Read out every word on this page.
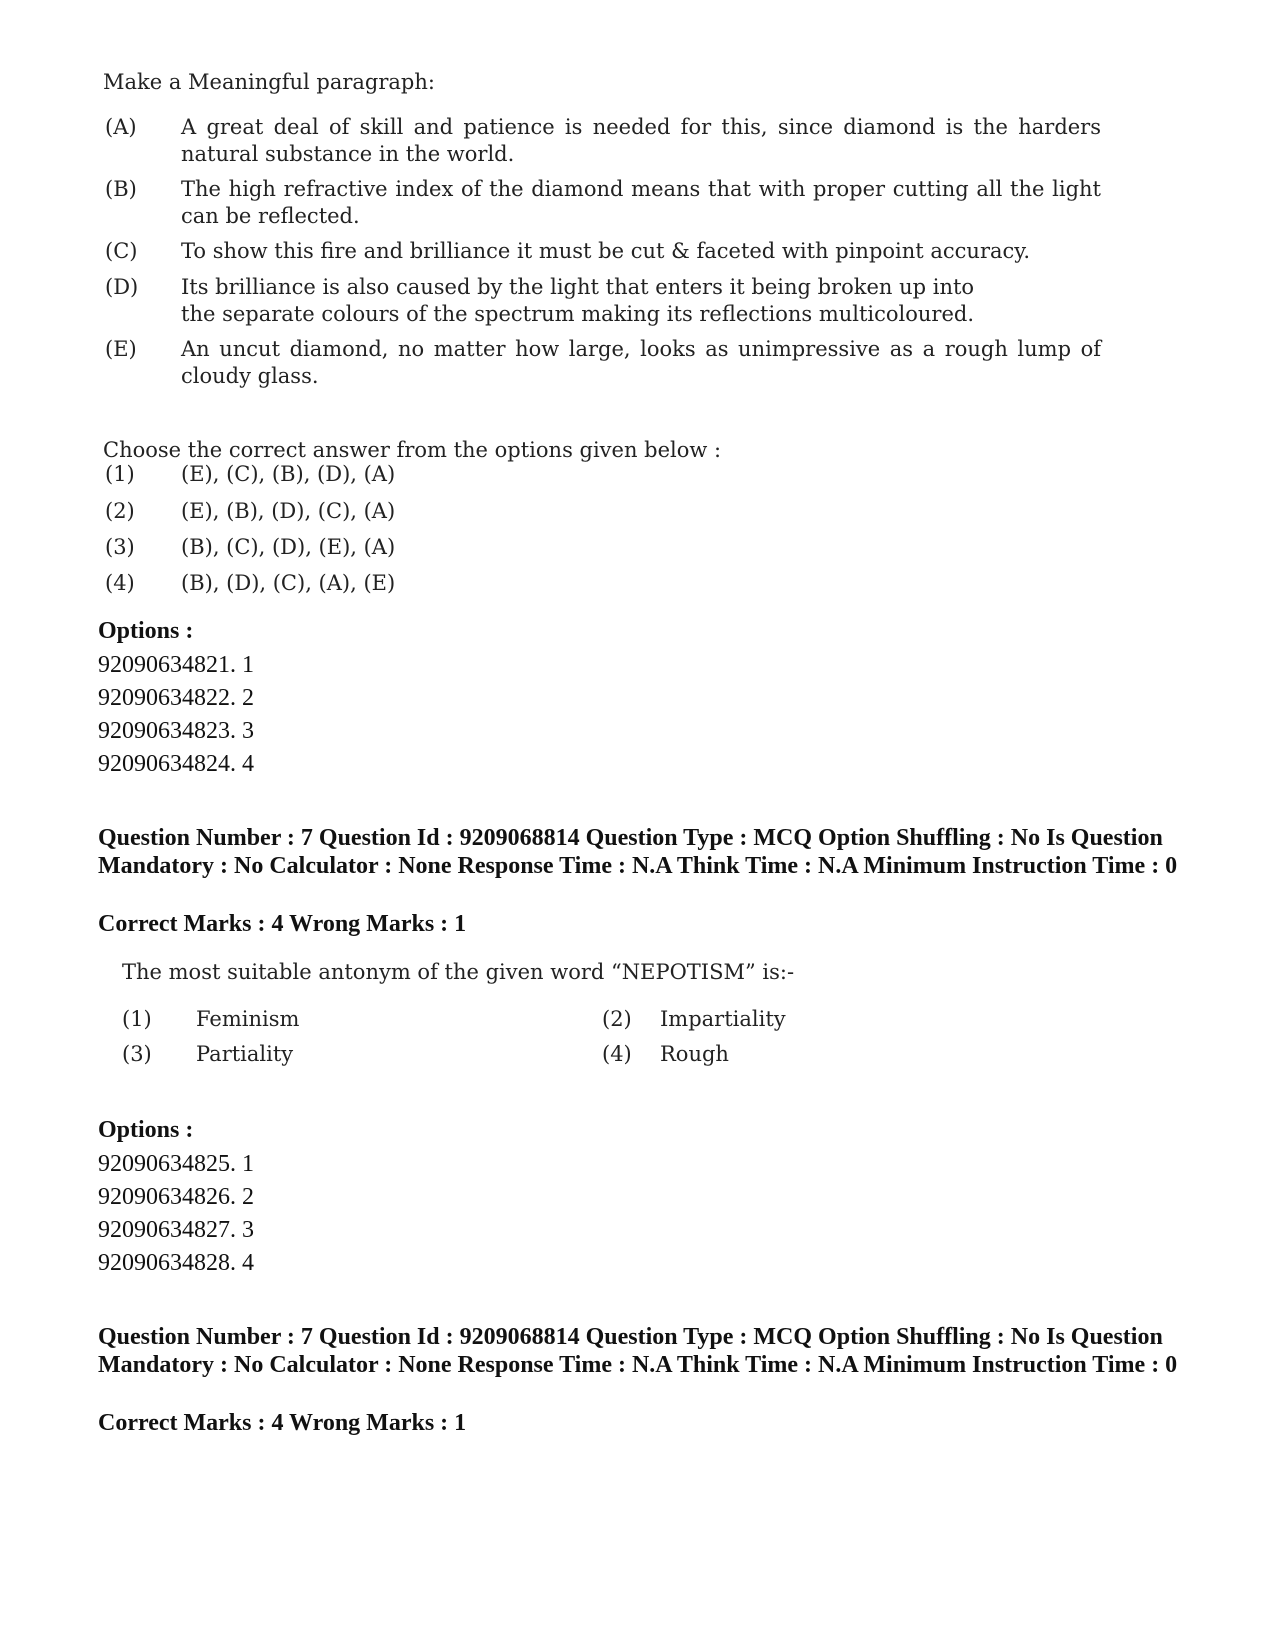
Make a Meaningful paragraph:
(A) A great deal of skill and patience is needed for this, since diamond is the harders natural substance in the world.
(B) The high refractive index of the diamond means that with proper cutting all the light can be reflected.
(C) To show this fire and brilliance it must be cut & faceted with pinpoint accuracy.
(D) Its brilliance is also caused by the light that enters it being broken up into the separate colours of the spectrum making its reflections multicoloured.
(E) An uncut diamond, no matter how large, looks as unimpressive as a rough lump of cloudy glass.
Choose the correct answer from the options given below :
(1) (E), (C), (B), (D), (A)
(2) (E), (B), (D), (C), (A)
(3) (B), (C), (D), (E), (A)
(4) (B), (D), (C), (A), (E)
Options :
92090634821. 1
92090634822. 2
92090634823. 3
92090634824. 4
Question Number : 7 Question Id : 9209068814 Question Type : MCQ Option Shuffling : No Is Question Mandatory : No Calculator : None Response Time : N.A Think Time : N.A Minimum Instruction Time : 0
Correct Marks : 4 Wrong Marks : 1
The most suitable antonym of the given word “NEPOTISM” is:-
(1) Feminism	(2) Impartiality
(3) Partiality	(4) Rough
Options :
92090634825. 1
92090634826. 2
92090634827. 3
92090634828. 4
Question Number : 7 Question Id : 9209068814 Question Type : MCQ Option Shuffling : No Is Question Mandatory : No Calculator : None Response Time : N.A Think Time : N.A Minimum Instruction Time : 0
Correct Marks : 4 Wrong Marks : 1
